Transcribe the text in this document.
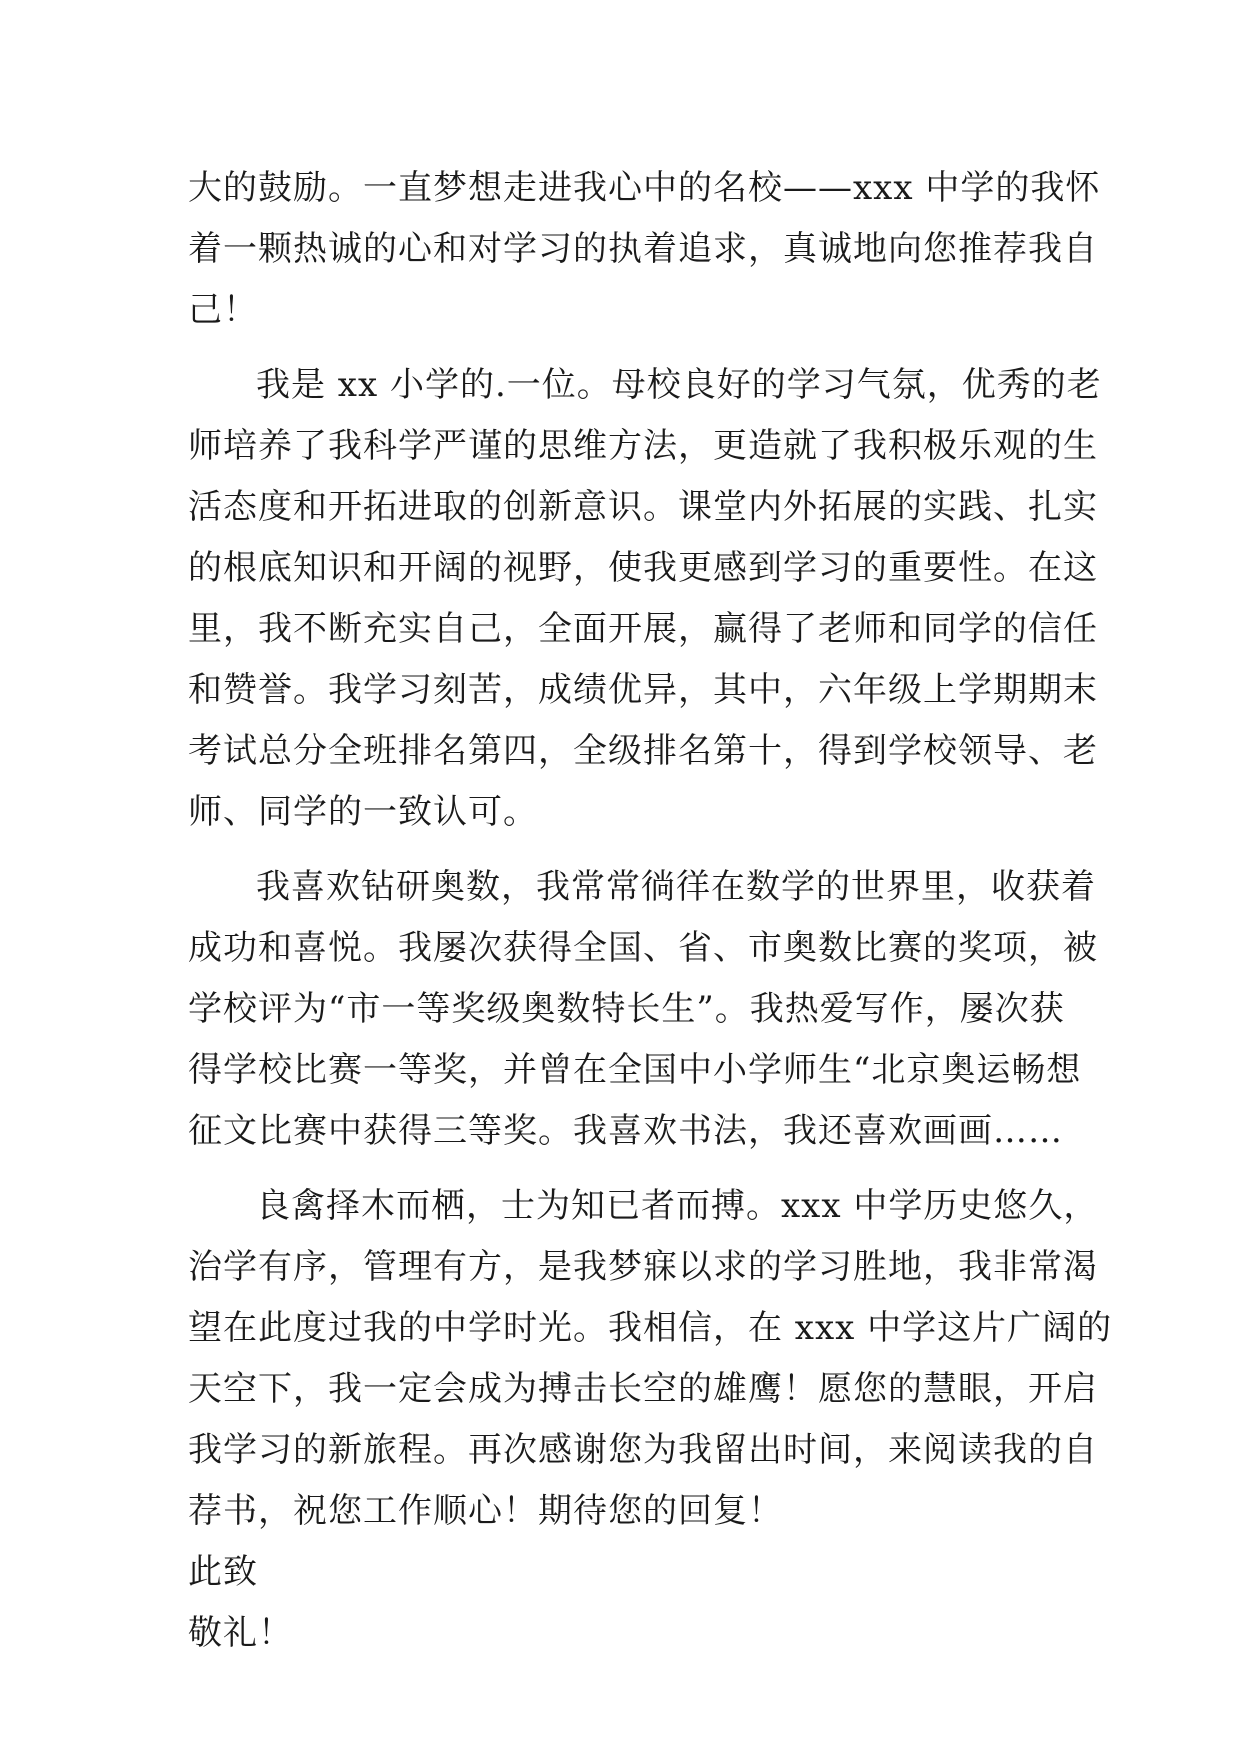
大的鼓励。一直梦想走进我心中的名校——xxx 中学的我怀
着一颗热诚的心和对学习的执着追求，真诚地向您推荐我自
己！
我是 xx 小学的.一位。母校良好的学习气氛，优秀的老
师培养了我科学严谨的思维方法，更造就了我积极乐观的生
活态度和开拓进取的创新意识。课堂内外拓展的实践、扎实
的根底知识和开阔的视野，使我更感到学习的重要性。在这
里，我不断充实自己，全面开展，赢得了老师和同学的信任
和赞誉。我学习刻苦，成绩优异，其中，六年级上学期期末
考试总分全班排名第四，全级排名第十，得到学校领导、老
师、同学的一致认可。
我喜欢钻研奥数，我常常徜徉在数学的世界里，收获着
成功和喜悦。我屡次获得全国、省、市奥数比赛的奖项，被
学校评为“市一等奖级奥数特长生”。我热爱写作，屡次获
得学校比赛一等奖，并曾在全国中小学师生“北京奥运畅想
征文比赛中获得三等奖。我喜欢书法，我还喜欢画画……
良禽择木而栖，士为知已者而搏。xxx 中学历史悠久，
治学有序，管理有方，是我梦寐以求的学习胜地，我非常渴
望在此度过我的中学时光。我相信，在 xxx 中学这片广阔的
天空下，我一定会成为搏击长空的雄鹰！愿您的慧眼，开启
我学习的新旅程。再次感谢您为我留出时间，来阅读我的自
荐书，祝您工作顺心！期待您的回复！
此致
敬礼！
